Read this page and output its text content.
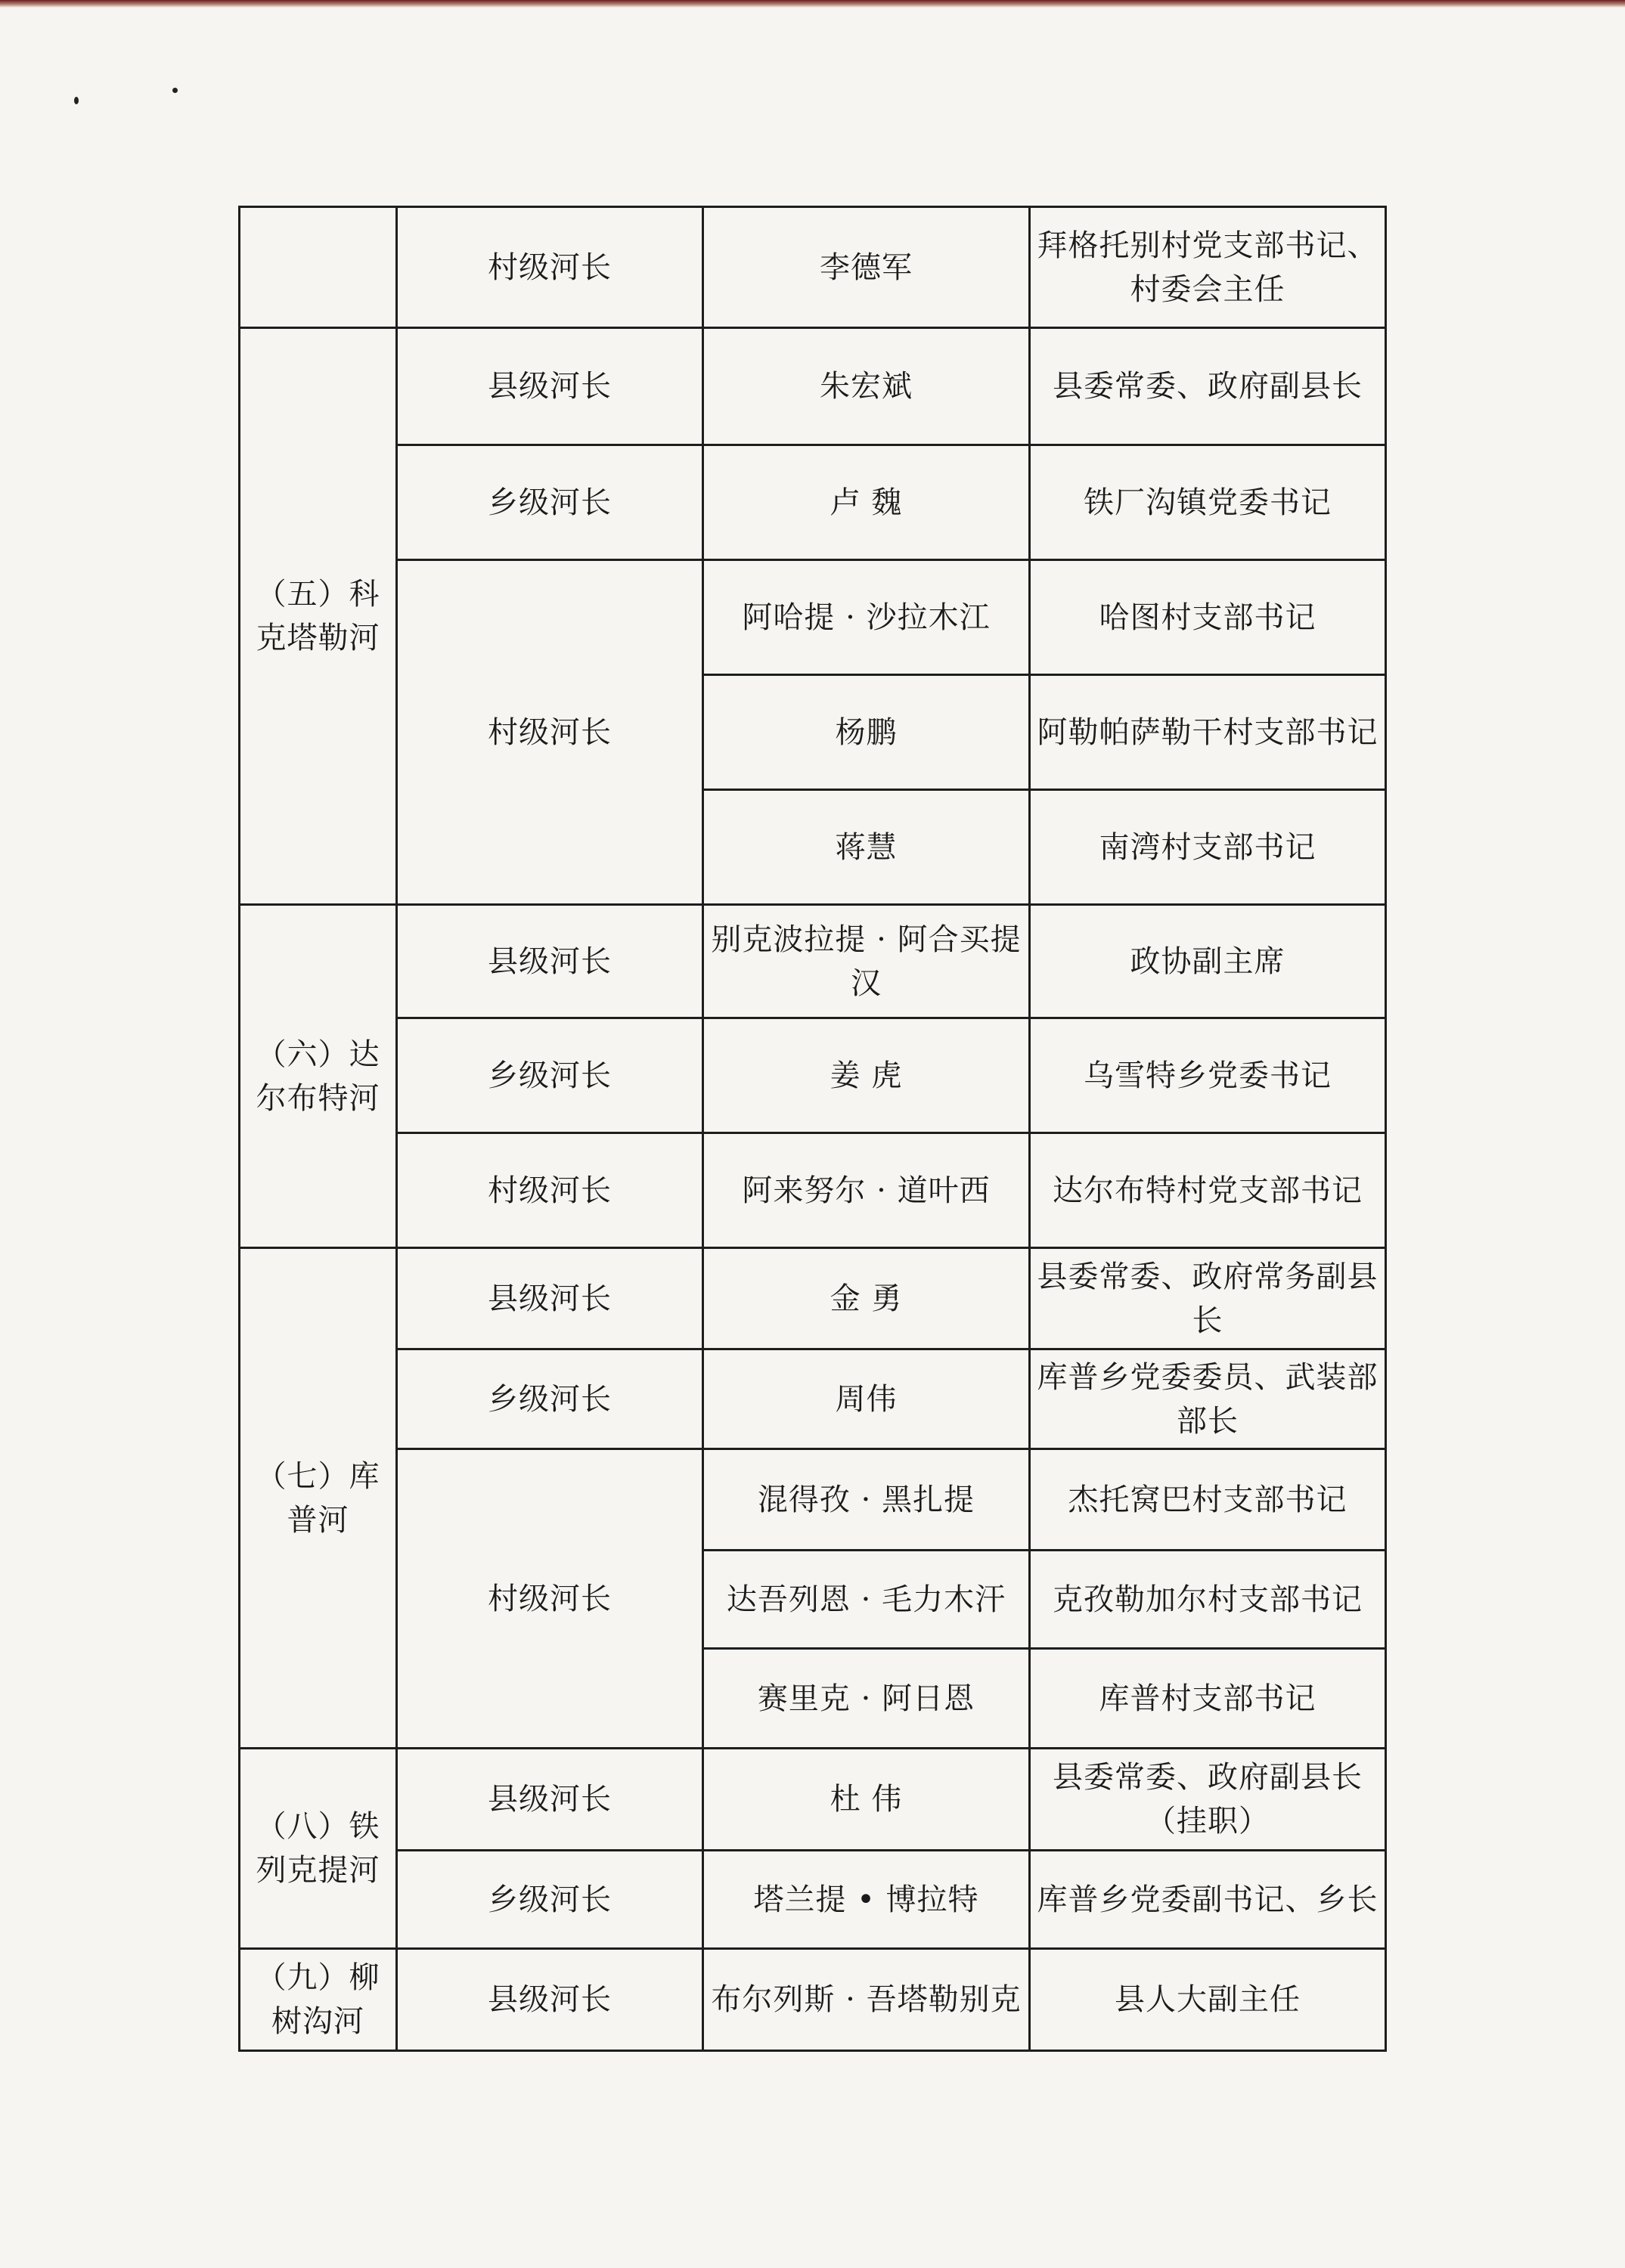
	村级河长	李德军	拜格托别村党支部书记、村委会主任
（五）科克塔勒河	县级河长	朱宏斌	县委常委、政府副县长
	乡级河长	卢 魏	铁厂沟镇党委书记
	村级河长	阿哈提 · 沙拉木江	哈图村支部书记
		杨鹏	阿勒帕萨勒干村支部书记
		蒋慧	南湾村支部书记
（六）达尔布特河	县级河长	别克波拉提 · 阿合买提汉	政协副主席
	乡级河长	姜 虎	乌雪特乡党委书记
	村级河长	阿来努尔 · 道叶西	达尔布特村党支部书记
（七）库普河	县级河长	金 勇	县委常委、政府常务副县长
	乡级河长	周伟	库普乡党委委员、武装部部长
	村级河长	混得孜 · 黑扎提	杰托窝巴村支部书记
		达吾列恩 · 毛力木汗	克孜勒加尔村支部书记
		赛里克 · 阿日恩	库普村支部书记
（八）铁列克提河	县级河长	杜 伟	县委常委、政府副县长（挂职）
	乡级河长	塔兰提 • 博拉特	库普乡党委副书记、乡长
（九）柳树沟河	县级河长	布尔列斯 · 吾塔勒别克	县人大副主任
